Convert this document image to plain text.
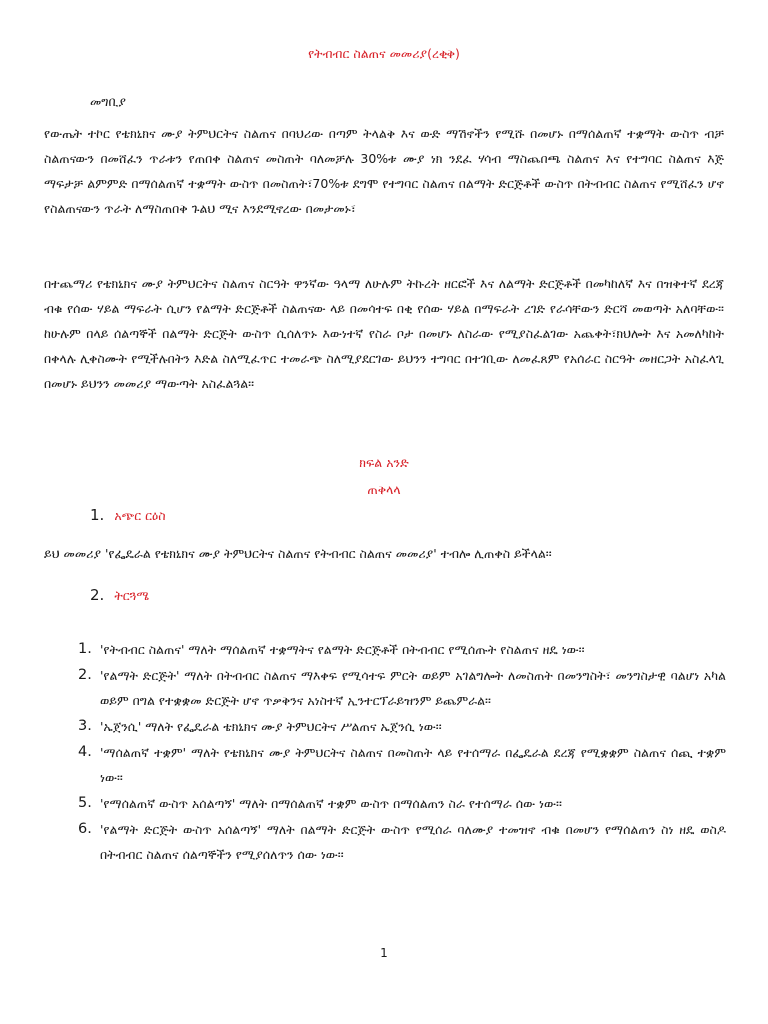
የትብብር ስልጠና መመሪያ(ረቂቅ)
መግቢያ

የውጤት ተኮር የቴክኒክና ሙያ ትምህርትና ስልጠና በባህሪው በጣም ትላልቅ እና ውድ ማሽኖችን የሚሹ በመሆኑ በማሰልጠኛ ተቋማት ውስጥ ብቻ ስልጠናውን በመሸፈን ጥራቱን የጠበቀ ስልጠና መስጠት ባለመቻሉ 30%ቱ ሙያ ነክ ንደፈ ሃሳብ ማስጨበጫ ስልጠና እና የተግባር ስልጠና እጅ ማፍታቻ ልምምድ በማሰልጠኛ ተቋማት ውስጥ በመስጠት፣70%ቱ ደግሞ የተግባር ስልጠና በልማት ድርጅቶች ውስጥ በትብብር ስልጠና የሚሸፈን ሆኖ የስልጠናውን ጥራት ለማስጠበቅ ጉልህ ሚና እንደሚኖረው በመታመኑ፣

በተጨማሪ የቴክኒክና ሙያ ትምህርትና ስልጠና ስርዓት ዋንኛው ዓላማ ለሁሉም ትኩረት ዘርፎች እና ለልማት ድርጅቶች በመካከለኛ እና በዝቅተኛ ደረጃ ብቁ የሰው ሃይል ማፍራት ሲሆን የልማት ድርጅቶች ስልጠናው ላይ በመሳተፍ በቂ የሰው ሃይል በማፍራት ረገድ የራሳቸውን ድርሻ መወጣት አለባቸው፡፡ ከሁሉም በላይ ሰልጣኞች በልማት ድርጅት ውስጥ ሲሰለጥኑ እውነተኛ የስራ ቦታ በመሆኑ ለስራው የሚያስፈልገው አጨቀት፣ክህሎት እና አመለካከት በቀላሉ ሊቀስሙት የሚችሉበትን እድል ስለሚፈጥር ተመራጭ ስለሚያደርገው ይህንን ተግባር በተገቢው ለመፈጸም የአሰራር ስርዓት መዘርጋት አስፈላጊ በመሆኑ ይህንን መመሪያ ማውጣት አስፈልጓል፡፡

ክፍል አንድ
ጠቅላላ
1. አጭር ርዕስ
ይህ መመሪያ 'የፌዴራል የቴክኒክና ሙያ ትምህርትና ስልጠና የትብብር ስልጠና መመሪያ' ተብሎ ሊጠቀስ ይችላል፡፡
2. ትርጓሜ
1. 'የትብብር ስልጠና' ማለት ማሰልጠኛ ተቋማትና የልማት ድርጅቶች በትብብር የሚሰጡት የስልጠና ዘዴ ነው፡፡
2. 'የልማት ድርጅት' ማለት በትብብር ስልጠና ማእቀፍ የሚሳተፍ ምርት ወይም አገልግሎት ለመስጠት በመንግስት፣ መንግስታዊ ባልሆነ አካል ወይም በግል የተቋቋመ ድርጅት ሆኖ ጥቃቅንና አነስተኛ ኢንተርፕራይዝንም ይጨምራል፡፡
3. 'ኤጀንሲ' ማለት የፌዴራል ቴክኒክና ሙያ ትምህርትና ሥልጠና ኤጀንሲ ነው፡፡
4. 'ማሰልጠኛ ተቋም' ማለት የቴክኒክና ሙያ ትምህርትና ስልጠና በመስጠት ላይ የተሰማራ በፌዴራል ደረጃ የሚቋቋም ስልጠና ሰጪ ተቋም ነው፡፡
5. 'የማሰልጠኛ ውስጥ አሰልጣኝ' ማለት በማሰልጠኛ ተቋም ውስጥ በማሰልጠን ስራ የተሰማራ ሰው ነው፡፡
6. 'የልማት ድርጅት ውስጥ አሰልጣኝ' ማለት በልማት ድርጅት ውስጥ የሚሰራ ባለሙያ ተመዝኖ ብቁ በመሆን የማሰልጠን ስነ ዘዴ ወስዶ በትብብር ስልጠና ሰልጣኞችን የሚያሰለጥን ሰው ነው፡፡
1
